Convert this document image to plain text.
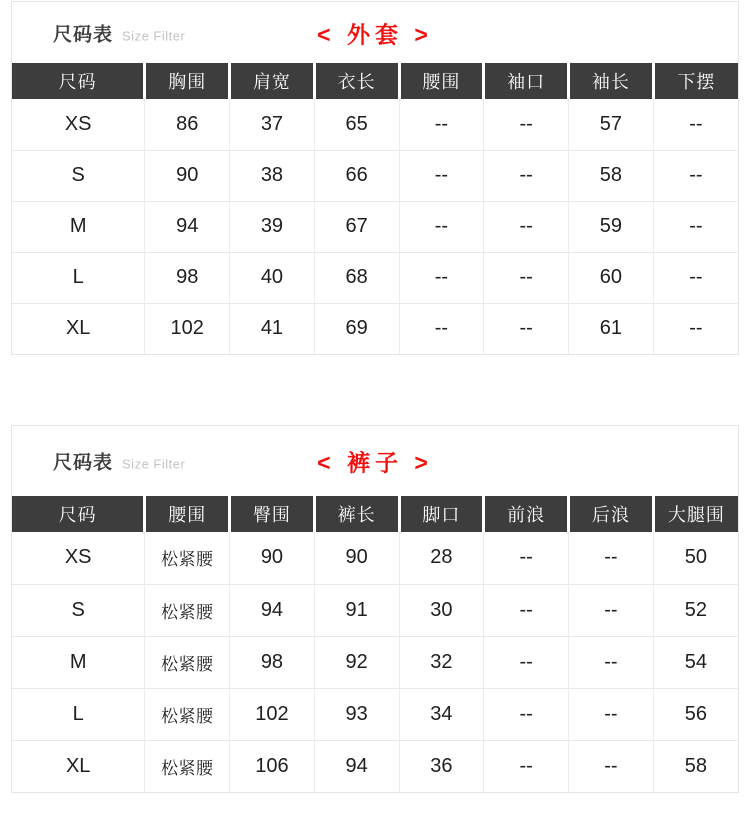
尺码表 Size Filter	< 外套 >
尺码	胸围	肩宽	衣长	腰围	袖口	袖长	下摆
XS	86	37	65	--	--	57	--
S	90	38	66	--	--	58	--
M	94	39	67	--	--	59	--
L	98	40	68	--	--	60	--
XL	102	41	69	--	--	61	--
尺码表 Size Filter	< 裤子 >
尺码	腰围	臀围	裤长	脚口	前浪	后浪	大腿围
XS	松紧腰	90	90	28	--	--	50
S	松紧腰	94	91	30	--	--	52
M	松紧腰	98	92	32	--	--	54
L	松紧腰	102	93	34	--	--	56
XL	松紧腰	106	94	36	--	--	58
